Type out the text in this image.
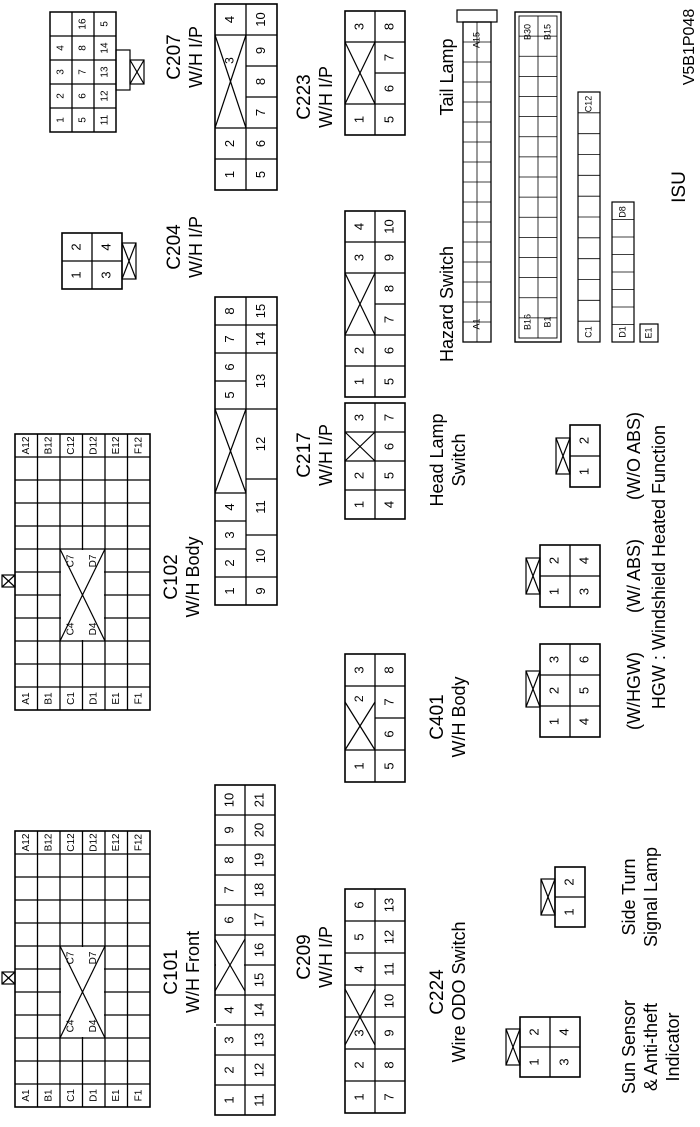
A1
A12
B1
B12
C1
C12
D1
D12
E1
E12
F1
F12
C4 D4
C7 D7
A1
A12
B1
B12
C1
C12
D1
D12
E1
E12
F1
F12
C4 D4
C7 D7
C101 W/H Front
C102 W/H Body
1
2
3
4
6
7
8
9
10
11
12
13
14
15
16
17
18
19
20
21
C209 W/H I/P
1
2
3
4
5
6
7
8
9
10
11
12
13
C224 Wire ODO Switch
1
3
2
5
6
7
8
C401 W/H Body
1
2
3
4
5
6
7
8
9
10
11
12
13
14
15
C217 W/H I/P
1
2
3
4
5
6
7 Head Lamp Switch
1
2
3
4	C204 W/H I/P
1
2
3
4
5
6
7
8
16
11
12
13
14
5
C207 W/H I/P
1
2
4
3
5
6
7
8
9
10
C223 W/H I/P
1
2
3
4
5
6
7
8
9
10
Hazard Switch
1
3
5
6
7
8
Tail Lamp
1
2
3
4	Sun Sensor & Anti-theft Indicator
1
2 Side Turn Signal Lamp
1
2
3
4
5
6 (W/HGW)
1
2
3
4 (W/ ABS)
1
2 (W/O ABS) HGW : Windshield Heated Function
A1
A15
B16 B1
B30 B15
C1
C12
D1
D8
E1
ISU
V5B1P048
